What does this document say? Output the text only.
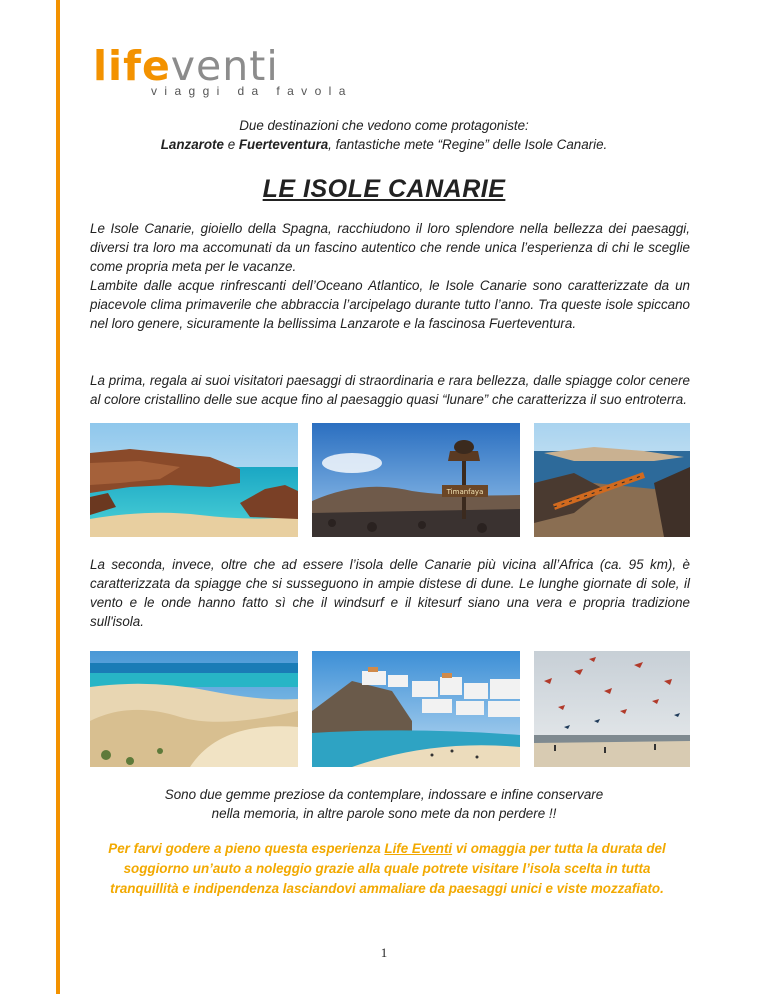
lifeventi
viaggi da favola
Due destinazioni che vedono come protagoniste:
Lanzarote e Fuerteventura, fantastiche mete “Regine” delle Isole Canarie.
LE ISOLE CANARIE

Le Isole Canarie, gioiello della Spagna, racchiudono il loro splendore nella bellezza dei paesaggi, diversi tra loro ma accomunati da un fascino autentico che rende unica l’esperienza di chi le sceglie come propria meta per le vacanze.
Lambite dalle acque rinfrescanti dell’Oceano Atlantico, le Isole Canarie sono caratterizzate da un piacevole clima primaverile che abbraccia l’arcipelago durante tutto l’anno. Tra queste isole spiccano nel loro genere, sicuramente la bellissima Lanzarote e la fascinosa Fuerteventura.

La prima, regala ai suoi visitatori paesaggi di straordinaria e rara bellezza, dalle spiagge color cenere al colore cristallino delle sue acque fino al paesaggio quasi “lunare” che caratterizza il suo entroterra.

Timanfaya

La seconda, invece, oltre che ad essere l’isola delle Canarie più vicina all’Africa (ca. 95 km), è caratterizzata da spiagge che si susseguono in ampie distese di dune. Le lunghe giornate di sole, il vento e le onde hanno fatto sì che il windsurf e il kitesurf siano una vera e propria tradizione sull'isola.

Sono due gemme preziose da contemplare, indossare e infine conservare
nella memoria, in altre parole sono mete da non perdere !!
Per farvi godere a pieno questa esperienza Life Eventi vi omaggia per tutta la durata del soggiorno un’auto a noleggio grazie alla quale potrete visitare l’isola scelta in tutta tranquillità e indipendenza lasciandovi ammaliare da paesaggi unici e viste mozzafiato.
1
